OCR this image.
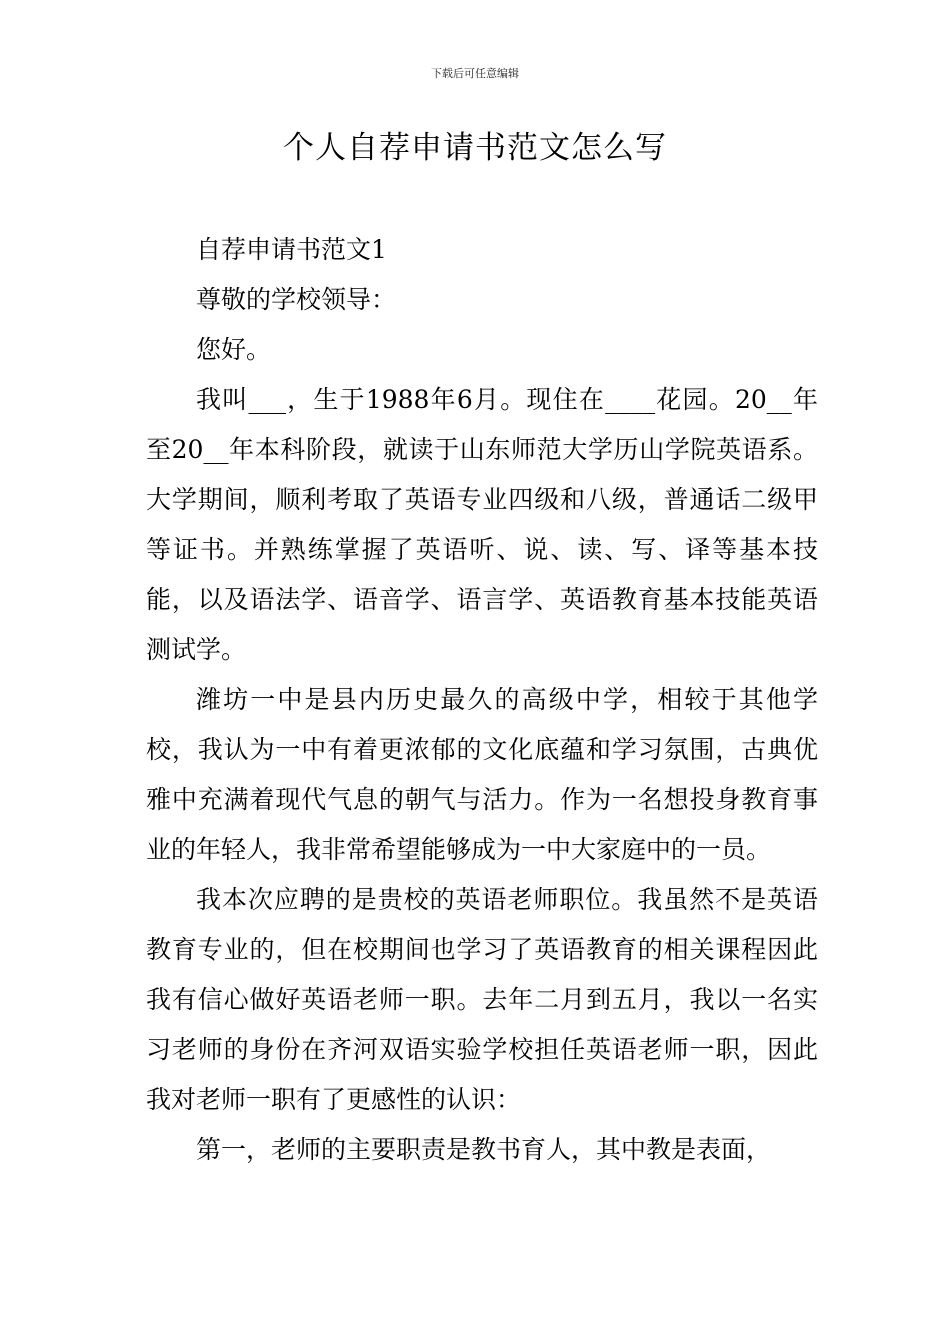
下载后可任意编辑
个人自荐申请书范文怎么写

自荐申请书范文1

尊敬的学校领导：

您好。

我叫___，生于1988年6月。现住在____花园。20__年至20__年本科阶段，就读于山东师范大学历山学院英语系。大学期间，顺利考取了英语专业四级和八级，普通话二级甲等证书。并熟练掌握了英语听、说、读、写、译等基本技能，以及语法学、语音学、语言学、英语教育基本技能英语测试学。

潍坊一中是县内历史最久的高级中学，相较于其他学校，我认为一中有着更浓郁的文化底蕴和学习氛围，古典优雅中充满着现代气息的朝气与活力。作为一名想投身教育事业的年轻人，我非常希望能够成为一中大家庭中的一员。

我本次应聘的是贵校的英语老师职位。我虽然不是英语教育专业的，但在校期间也学习了英语教育的相关课程因此我有信心做好英语老师一职。去年二月到五月，我以一名实习老师的身份在齐河双语实验学校担任英语老师一职，因此我对老师一职有了更感性的认识：

第一，老师的主要职责是教书育人，其中教是表面，
